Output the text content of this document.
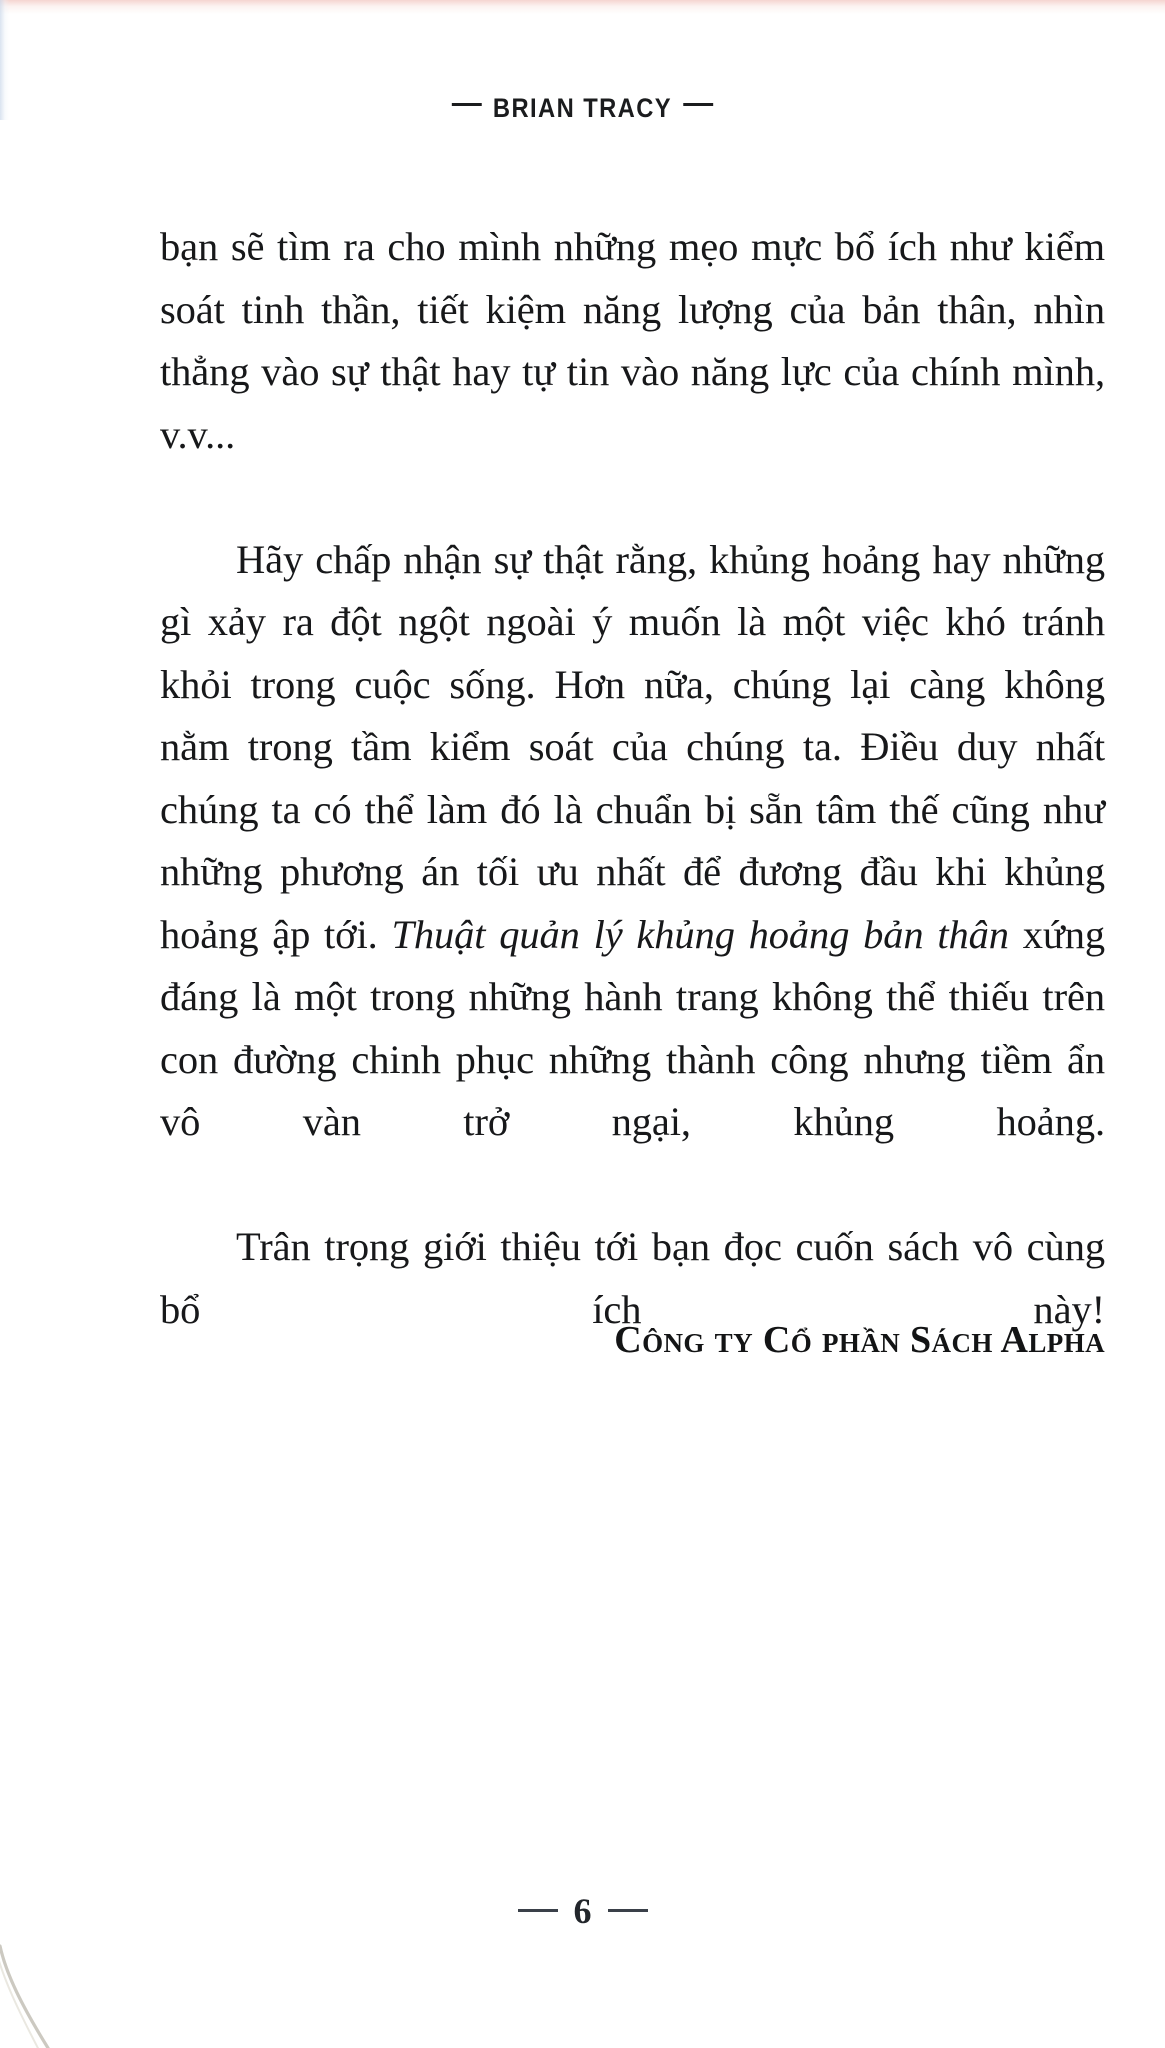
BRIAN TRACY

bạn sẽ tìm ra cho mình những mẹo mực bổ ích như kiểm soát tinh thần, tiết kiệm năng lượng của bản thân, nhìn thẳng vào sự thật hay tự tin vào năng lực của chính mình, v.v...

Hãy chấp nhận sự thật rằng, khủng hoảng hay những gì xảy ra đột ngột ngoài ý muốn là một việc khó tránh khỏi trong cuộc sống. Hơn nữa, chúng lại càng không nằm trong tầm kiểm soát của chúng ta. Điều duy nhất chúng ta có thể làm đó là chuẩn bị sẵn tâm thế cũng như những phương án tối ưu nhất để đương đầu khi khủng hoảng ập tới. Thuật quản lý khủng hoảng bản thân xứng đáng là một trong những hành trang không thể thiếu trên con đường chinh phục những thành công nhưng tiềm ẩn vô vàn trở ngại, khủng hoảng.

Trân trọng giới thiệu tới bạn đọc cuốn sách vô cùng bổ ích này!

Công ty Cổ phần Sách Alpha
6
